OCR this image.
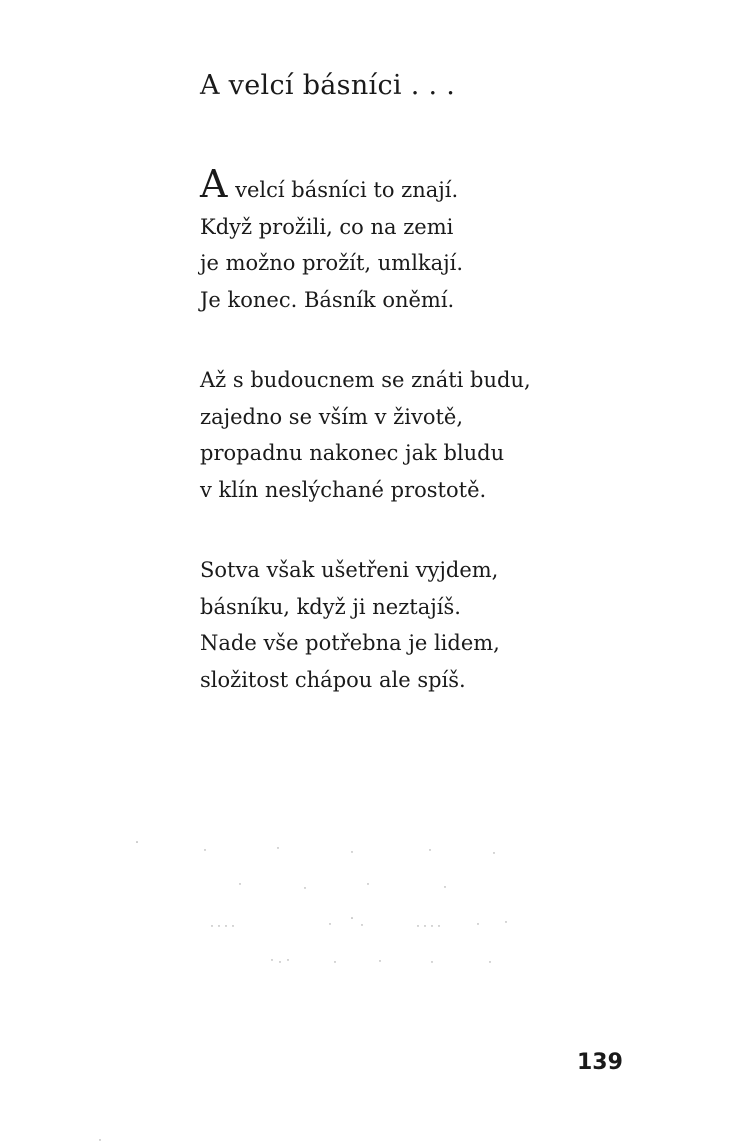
A velcí básníci . . .
A velcí básníci to znají.
Když prožili, co na zemi
je možno prožít, umlkají.
Je konec. Básník oněmí.
Až s budoucnem se znáti budu,
zajedno se vším v životě,
propadnu nakonec jak bludu
v klín neslýchané prostotě.
Sotva však ušetřeni vyjdem,
básníku, když ji neztajíš.
Nade vše potřebna je lidem,
složitost chápou ale spíš.
139
